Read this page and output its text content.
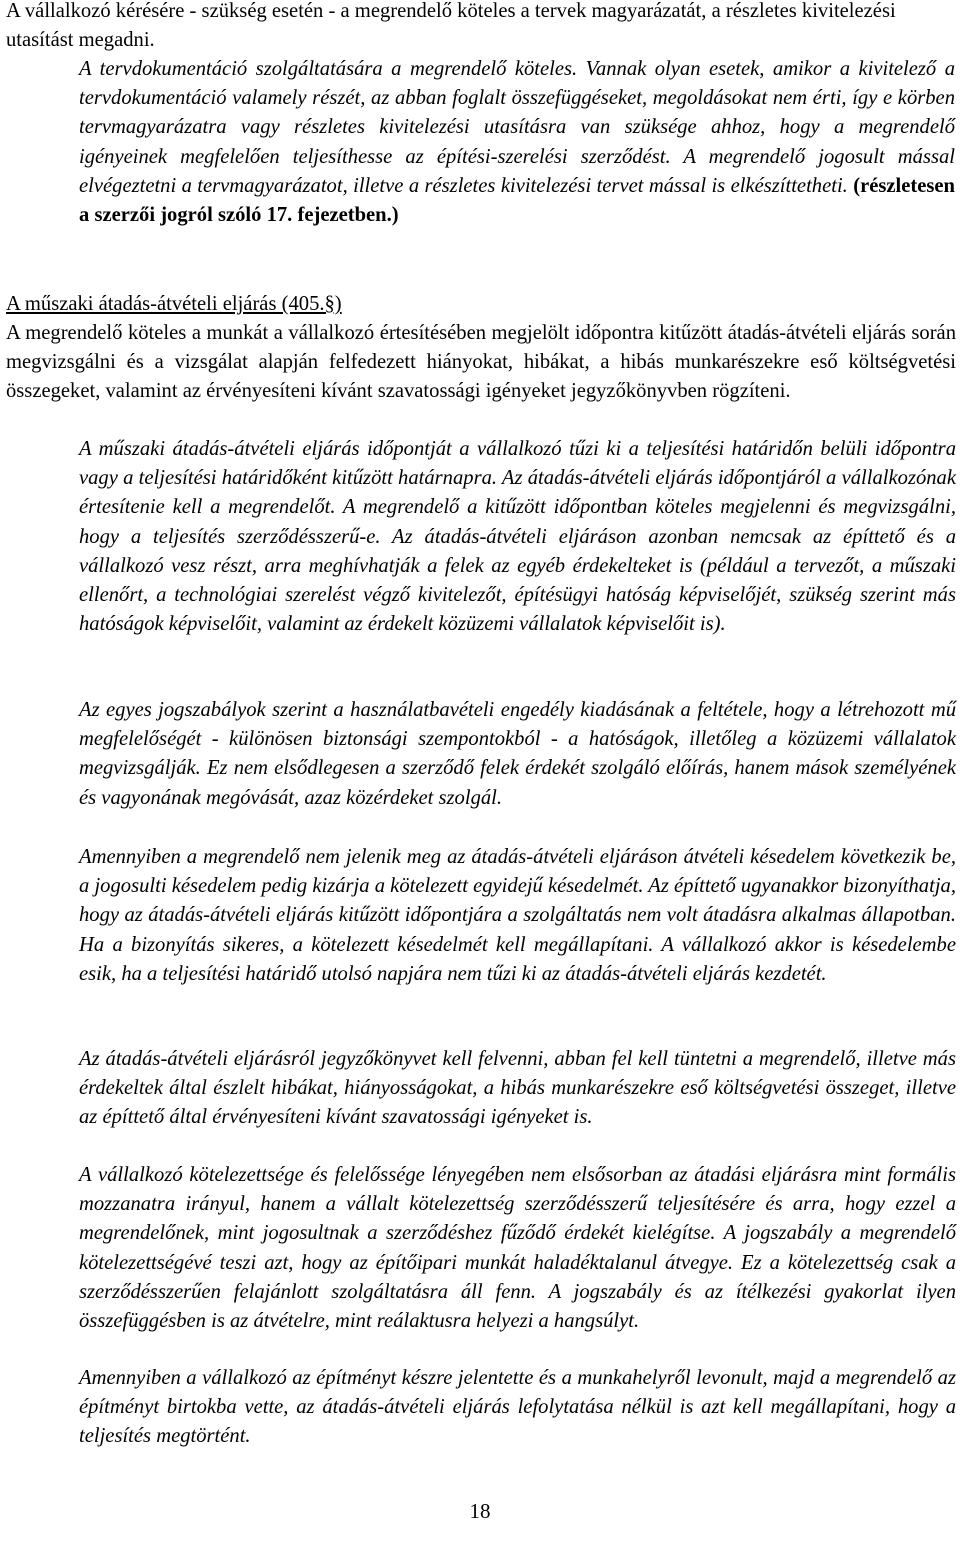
A vállalkozó kérésére - szükség esetén - a megrendelő köteles a tervek magyarázatát, a részletes kivitelezési utasítást megadni.

A tervdokumentáció szolgáltatására a megrendelő köteles. Vannak olyan esetek, amikor a kivitelező a tervdokumentáció valamely részét, az abban foglalt összefüggéseket, megoldásokat nem érti, így e körben tervmagyarázatra vagy részletes kivitelezési utasításra van szüksége ahhoz, hogy a megrendelő igényeinek megfelelően teljesíthesse az építési-szerelési szerződést. A megrendelő jogosult mással elvégeztetni a tervmagyarázatot, illetve a részletes kivitelezési tervet mással is elkészíttetheti. (részletesen a szerzői jogról szóló 17. fejezetben.)

A műszaki átadás-átvételi eljárás (405.§)

A megrendelő köteles a munkát a vállalkozó értesítésében megjelölt időpontra kitűzött átadás-átvételi eljárás során megvizsgálni és a vizsgálat alapján felfedezett hiányokat, hibákat, a hibás munkarészekre eső költségvetési összegeket, valamint az érvényesíteni kívánt szavatossági igényeket jegyzőkönyvben rögzíteni.

A műszaki átadás-átvételi eljárás időpontját a vállalkozó tűzi ki a teljesítési határidőn belüli időpontra vagy a teljesítési határidőként kitűzött határnapra. Az átadás-átvételi eljárás időpontjáról a vállalkozónak értesítenie kell a megrendelőt. A megrendelő a kitűzött időpontban köteles megjelenni és megvizsgálni, hogy a teljesítés szerződésszerű-e. Az átadás-átvételi eljáráson azonban nemcsak az építtető és a vállalkozó vesz részt, arra meghívhatják a felek az egyéb érdekelteket is (például a tervezőt, a műszaki ellenőrt, a technológiai szerelést végző kivitelezőt, építésügyi hatóság képviselőjét, szükség szerint más hatóságok képviselőit, valamint az érdekelt közüzemi vállalatok képviselőit is).

Az egyes jogszabályok szerint a használatbavételi engedély kiadásának a feltétele, hogy a létrehozott mű megfelelőségét - különösen biztonsági szempontokból - a hatóságok, illetőleg a közüzemi vállalatok megvizsgálják. Ez nem elsődlegesen a szerződő felek érdekét szolgáló előírás, hanem mások személyének és vagyonának megóvását, azaz közérdeket szolgál.

Amennyiben a megrendelő nem jelenik meg az átadás-átvételi eljáráson átvételi késedelem következik be, a jogosulti késedelem pedig kizárja a kötelezett egyidejű késedelmét. Az építtető ugyanakkor bizonyíthatja, hogy az átadás-átvételi eljárás kitűzött időpontjára a szolgáltatás nem volt átadásra alkalmas állapotban. Ha a bizonyítás sikeres, a kötelezett késedelmét kell megállapítani. A vállalkozó akkor is késedelembe esik, ha a teljesítési határidő utolsó napjára nem tűzi ki az átadás-átvételi eljárás kezdetét.

Az átadás-átvételi eljárásról jegyzőkönyvet kell felvenni, abban fel kell tüntetni a megrendelő, illetve más érdekeltek által észlelt hibákat, hiányosságokat, a hibás munkarészekre eső költségvetési összeget, illetve az építtető által érvényesíteni kívánt szavatossági igényeket is.

A vállalkozó kötelezettsége és felelőssége lényegében nem elsősorban az átadási eljárásra mint formális mozzanatra irányul, hanem a vállalt kötelezettség szerződésszerű teljesítésére és arra, hogy ezzel a megrendelőnek, mint jogosultnak a szerződéshez fűződő érdekét kielégítse. A jogszabály a megrendelő kötelezettségévé teszi azt, hogy az építőipari munkát haladéktalanul átvegye. Ez a kötelezettség csak a szerződésszerűen felajánlott szolgáltatásra áll fenn. A jogszabály és az ítélkezési gyakorlat ilyen összefüggésben is az átvételre, mint reálaktusra helyezi a hangsúlyt.

Amennyiben a vállalkozó az építményt készre jelentette és a munkahelyről levonult, majd a megrendelő az építményt birtokba vette, az átadás-átvételi eljárás lefolytatása nélkül is azt kell megállapítani, hogy a teljesítés megtörtént.

18
